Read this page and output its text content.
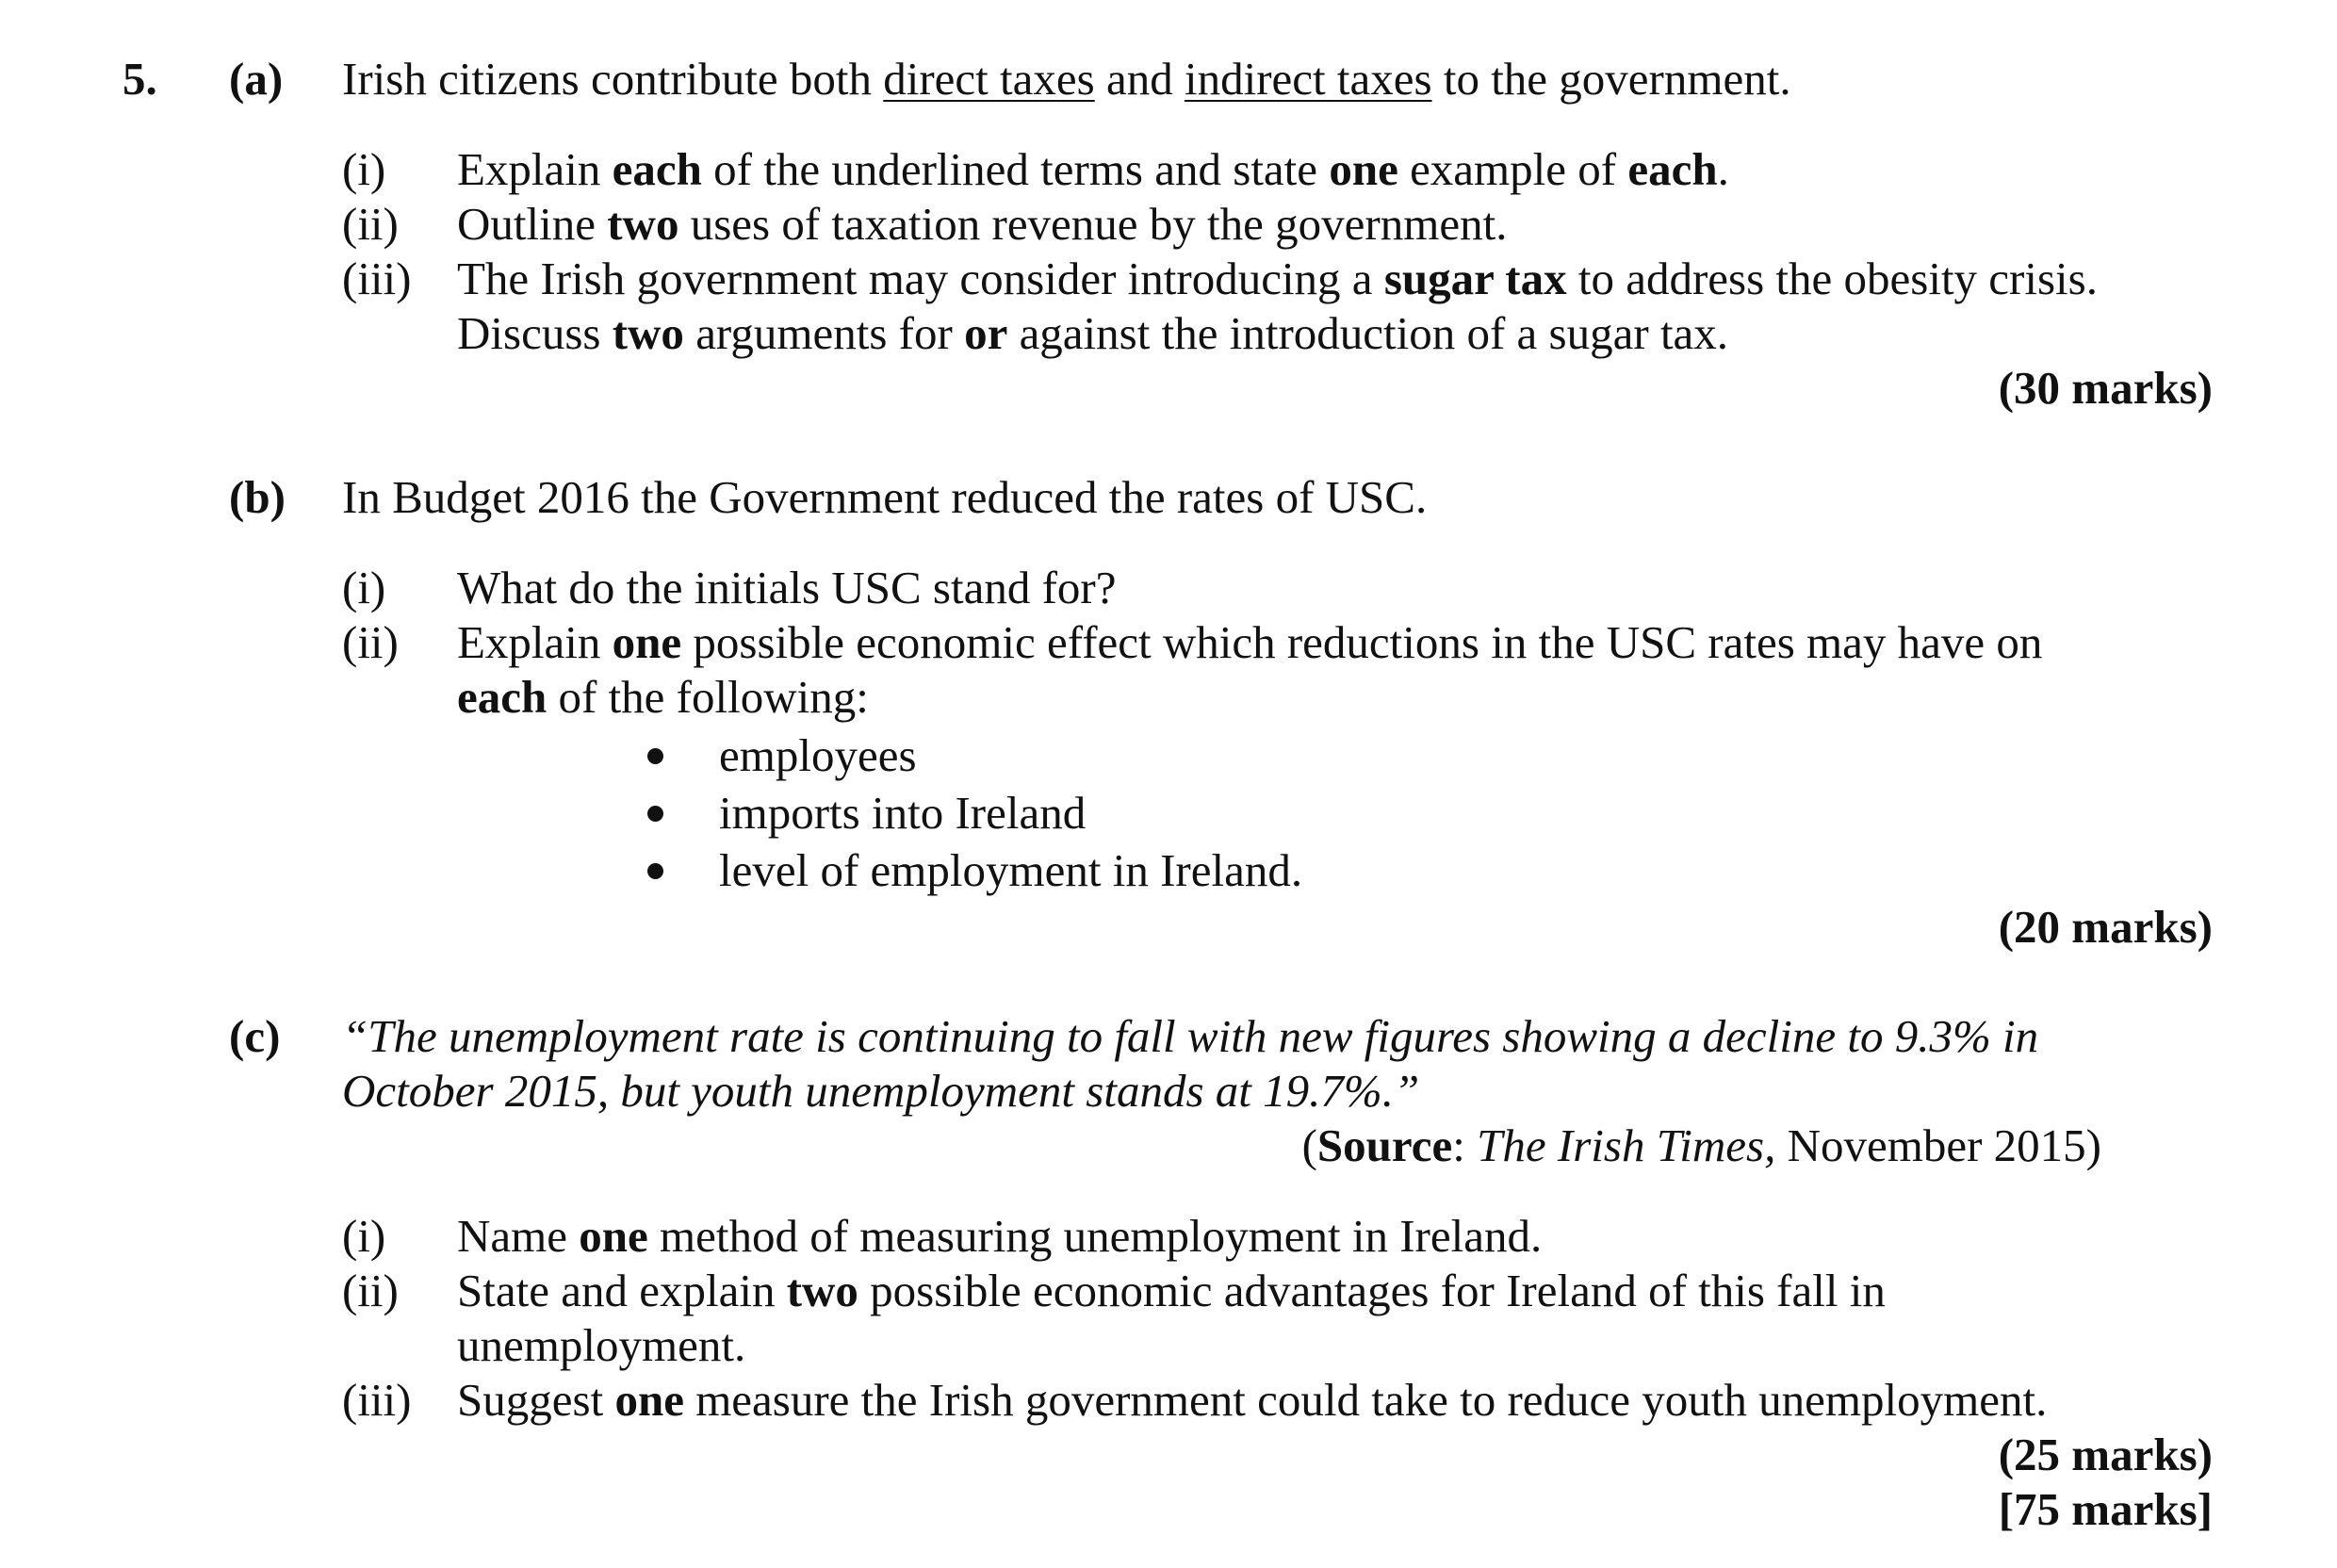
5. (a) Irish citizens contribute both direct taxes and indirect taxes to the government.
(i) Explain each of the underlined terms and state one example of each.
(ii) Outline two uses of taxation revenue by the government.
(iii) The Irish government may consider introducing a sugar tax to address the obesity crisis.
Discuss two arguments for or against the introduction of a sugar tax.
(30 marks)
(b) In Budget 2016 the Government reduced the rates of USC.
(i) What do the initials USC stand for?
(ii) Explain one possible economic effect which reductions in the USC rates may have on
each of the following:
employees
imports into Ireland
level of employment in Ireland.
(20 marks)
(c) “The unemployment rate is continuing to fall with new figures showing a decline to 9.3% in
October 2015, but youth unemployment stands at 19.7%.”
(Source: The Irish Times, November 2015)
(i) Name one method of measuring unemployment in Ireland.
(ii) State and explain two possible economic advantages for Ireland of this fall in
unemployment.
(iii) Suggest one measure the Irish government could take to reduce youth unemployment.
(25 marks)
[75 marks]
